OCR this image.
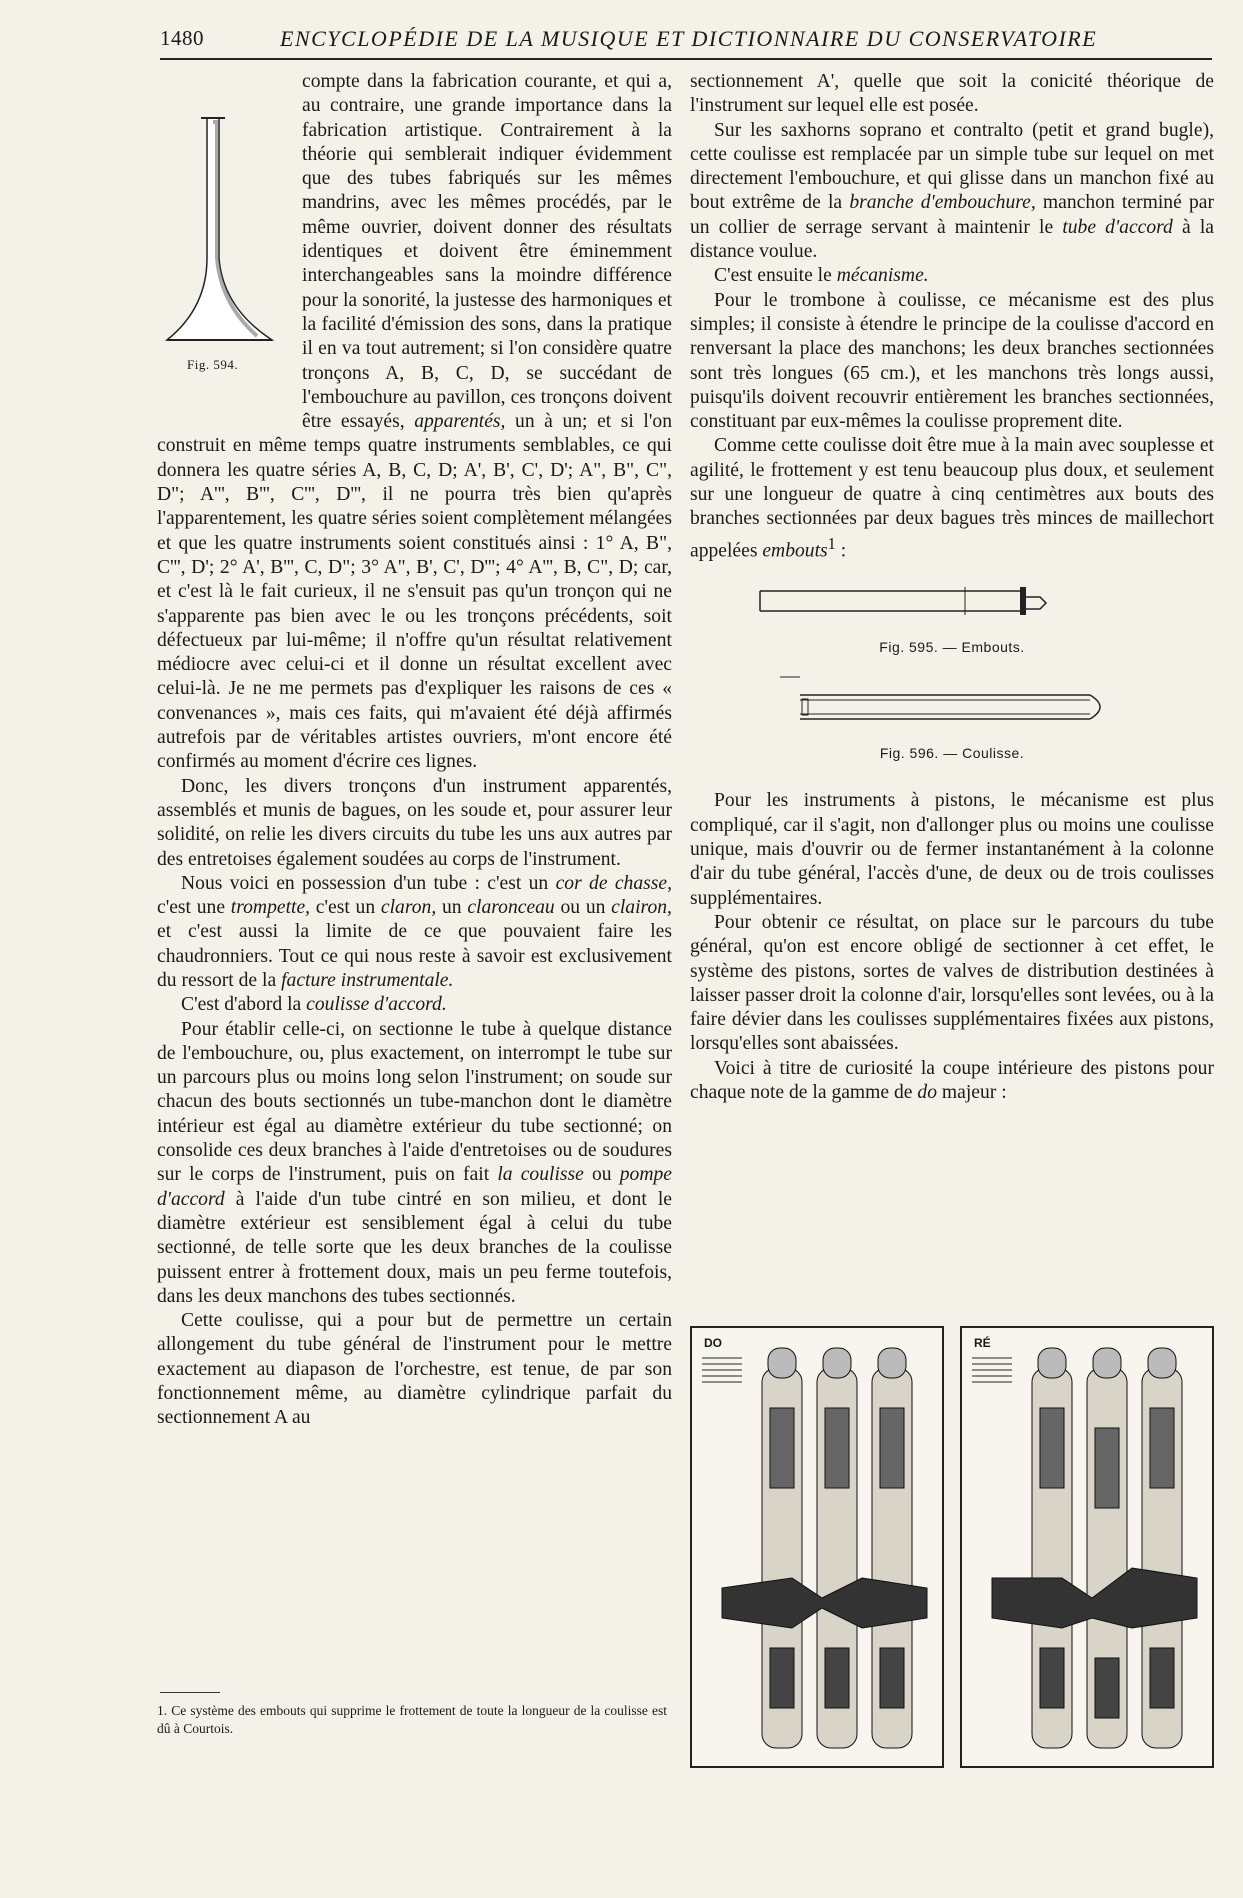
1480	ENCYCLOPÉDIE DE LA MUSIQUE ET DICTIONNAIRE DU CONSERVATOIRE

Fig. 594.
compte dans la fabrication courante, et qui a, au contraire, une grande importance dans la fabrication artistique. Contrairement à la théorie qui semblerait indiquer évidemment que des tubes fabriqués sur les mêmes mandrins, avec les mêmes procédés, par le même ouvrier, doivent donner des résultats identiques et doivent être éminemment interchangeables sans la moindre différence pour la sonorité, la justesse des harmoniques et la facilité d'émission des sons, dans la pratique il en va tout autrement; si l'on considère quatre tronçons A, B, C, D, se succédant de l'embouchure au pavillon, ces tronçons doivent être essayés, apparentés, un à un; et si l'on construit en même temps quatre instruments semblables, ce qui donnera les quatre séries A, B, C, D; A', B', C', D'; A", B", C", D"; A''', B''', C''', D''', il ne pourra très bien qu'après l'apparentement, les quatre séries soient complètement mélangées et que les quatre instruments soient constitués ainsi : 1° A, B", C''', D'; 2° A', B''', C, D"; 3° A", B', C', D'''; 4° A''', B, C", D; car, et c'est là le fait curieux, il ne s'ensuit pas qu'un tronçon qui ne s'apparente pas bien avec le ou les tronçons précédents, soit défectueux par lui-même; il n'offre qu'un résultat relativement médiocre avec celui-ci et il donne un résultat excellent avec celui-là. Je ne me permets pas d'expliquer les raisons de ces « convenances », mais ces faits, qui m'avaient été déjà affirmés autrefois par de véritables artistes ouvriers, m'ont encore été confirmés au moment d'écrire ces lignes.

Donc, les divers tronçons d'un instrument apparentés, assemblés et munis de bagues, on les soude et, pour assurer leur solidité, on relie les divers circuits du tube les uns aux autres par des entretoises également soudées au corps de l'instrument.

Nous voici en possession d'un tube : c'est un cor de chasse, c'est une trompette, c'est un claron, un claronceau ou un clairon, et c'est aussi la limite de ce que pouvaient faire les chaudronniers. Tout ce qui nous reste à savoir est exclusivement du ressort de la facture instrumentale.

C'est d'abord la coulisse d'accord.

Pour établir celle-ci, on sectionne le tube à quelque distance de l'embouchure, ou, plus exactement, on interrompt le tube sur un parcours plus ou moins long selon l'instrument; on soude sur chacun des bouts sectionnés un tube-manchon dont le diamètre intérieur est égal au diamètre extérieur du tube sectionné; on consolide ces deux branches à l'aide d'entretoises ou de soudures sur le corps de l'instrument, puis on fait la coulisse ou pompe d'accord à l'aide d'un tube cintré en son milieu, et dont le diamètre extérieur est sensiblement égal à celui du tube sectionné, de telle sorte que les deux branches de la coulisse puissent entrer à frottement doux, mais un peu ferme toutefois, dans les deux manchons des tubes sectionnés.

Cette coulisse, qui a pour but de permettre un certain allongement du tube général de l'instrument pour le mettre exactement au diapason de l'orchestre, est tenue, de par son fonctionnement même, au diamètre cylindrique parfait du sectionnement A au

1. Ce système des embouts qui supprime le frottement de toute la longueur de la coulisse est dû à Courtois.

sectionnement A', quelle que soit la conicité théorique de l'instrument sur lequel elle est posée.

Sur les saxhorns soprano et contralto (petit et grand bugle), cette coulisse est remplacée par un simple tube sur lequel on met directement l'embouchure, et qui glisse dans un manchon fixé au bout extrême de la branche d'embouchure, manchon terminé par un collier de serrage servant à maintenir le tube d'accord à la distance voulue.

C'est ensuite le mécanisme.

Pour le trombone à coulisse, ce mécanisme est des plus simples; il consiste à étendre le principe de la coulisse d'accord en renversant la place des manchons; les deux branches sectionnées sont très longues (65 cm.), et les manchons très longs aussi, puisqu'ils doivent recouvrir entièrement les branches sectionnées, constituant par eux-mêmes la coulisse proprement dite.

Comme cette coulisse doit être mue à la main avec souplesse et agilité, le frottement y est tenu beaucoup plus doux, et seulement sur une longueur de quatre à cinq centimètres aux bouts des branches sectionnées par deux bagues très minces de maillechort appelées embouts$^1$ :

Fig. 595. — Embouts.
Fig. 596. — Coulisse.

Pour les instruments à pistons, le mécanisme est plus compliqué, car il s'agit, non d'allonger plus ou moins une coulisse unique, mais d'ouvrir ou de fermer instantanément à la colonne d'air du tube général, l'accès d'une, de deux ou de trois coulisses supplémentaires.

Pour obtenir ce résultat, on place sur le parcours du tube général, qu'on est encore obligé de sectionner à cet effet, le système des pistons, sortes de valves de distribution destinées à laisser passer droit la colonne d'air, lorsqu'elles sont levées, ou à la faire dévier dans les coulisses supplémentaires fixées aux pistons, lorsqu'elles sont abaissées.

Voici à titre de curiosité la coupe intérieure des pistons pour chaque note de la gamme de do majeur :

DO	RÉ
